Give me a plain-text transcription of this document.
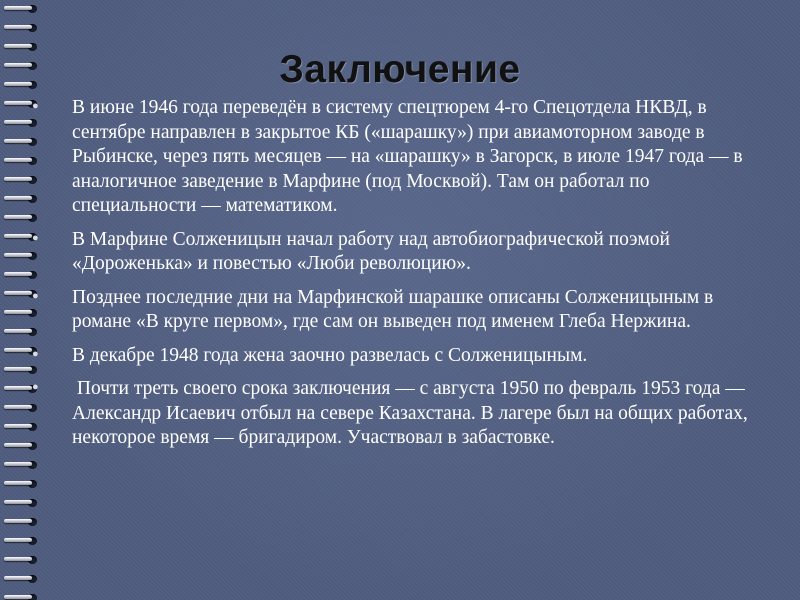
Заключение
● В июне 1946 года переведён в систему спецтюрем 4-го Спецотдела НКВД, в сентябре направлен в закрытое КБ («шарашку») при авиамоторном заводе в Рыбинске, через пять месяцев — на «шарашку» в Загорск, в июле 1947 года — в аналогичное заведение в Марфине (под Москвой). Там он работал по специальности — математиком.
● В Марфине Солженицын начал работу над автобиографической поэмой «Дороженька» и повестью «Люби революцию».
● Позднее последние дни на Марфинской шарашке описаны Солженицыным в романе «В круге первом», где сам он выведен под именем Глеба Нержина.
● В декабре 1948 года жена заочно развелась с Солженицыным.
● Почти треть своего срока заключения — с августа 1950 по февраль 1953 года — Александр Исаевич отбыл на севере Казахстана. В лагере был на общих работах, некоторое время — бригадиром. Участвовал в забастовке.
